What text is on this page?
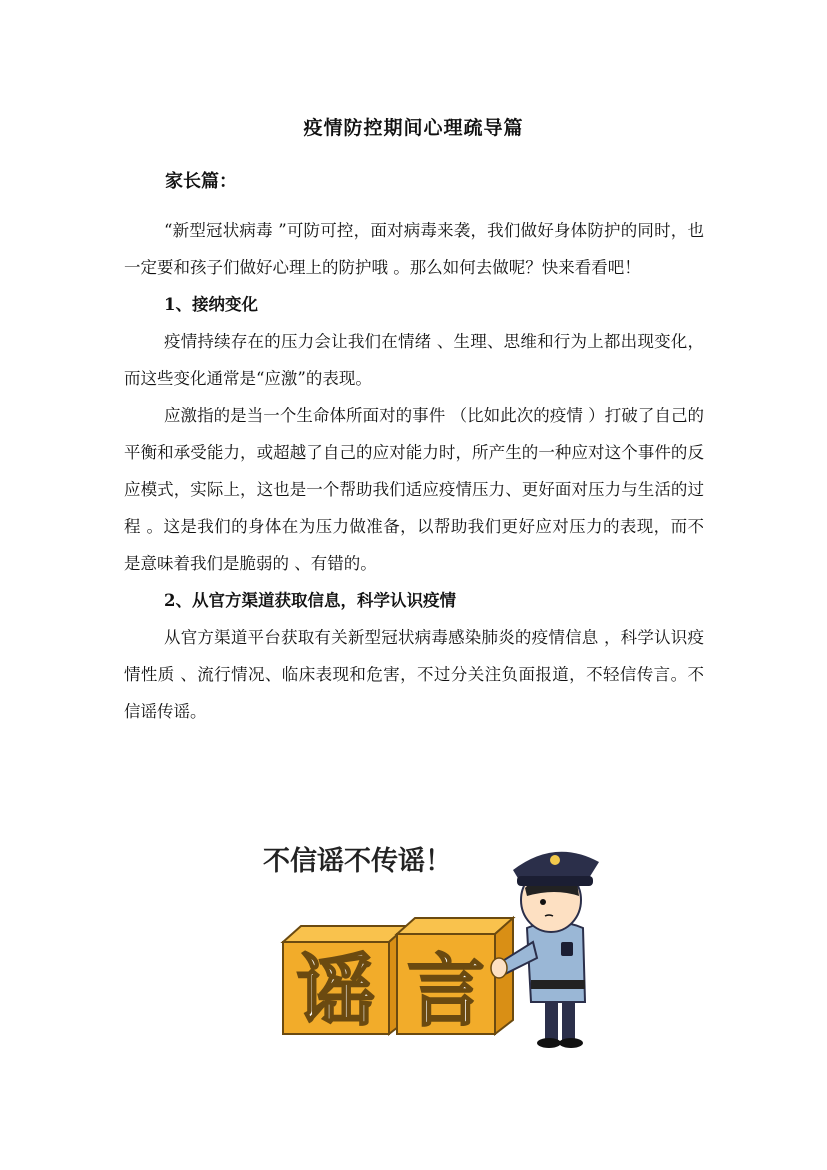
疫情防控期间心理疏导篇
家长篇：

“新型冠状病毒 ”可防可控，面对病毒来袭，我们做好身体防护的同时，也一定要和孩子们做好心理上的防护哦 。那么如何去做呢？快来看看吧！

1、接纳变化

疫情持续存在的压力会让我们在情绪 、生理、思维和行为上都出现变化，而这些变化通常是“应激”的表现。

应激指的是当一个生命体所面对的事件 （比如此次的疫情 ）打破了自己的平衡和承受能力，或超越了自己的应对能力时，所产生的一种应对这个事件的反应模式，实际上，这也是一个帮助我们适应疫情压力、更好面对压力与生活的过程 。这是我们的身体在为压力做准备，以帮助我们更好应对压力的表现，而不是意味着我们是脆弱的 、有错的。

2、从官方渠道获取信息，科学认识疫情

从官方渠道平台获取有关新型冠状病毒感染肺炎的疫情信息 ，科学认识疫情性质 、流行情况、临床表现和危害，不过分关注负面报道，不轻信传言。不信谣传谣。

不信谣不传谣！
谣 言
